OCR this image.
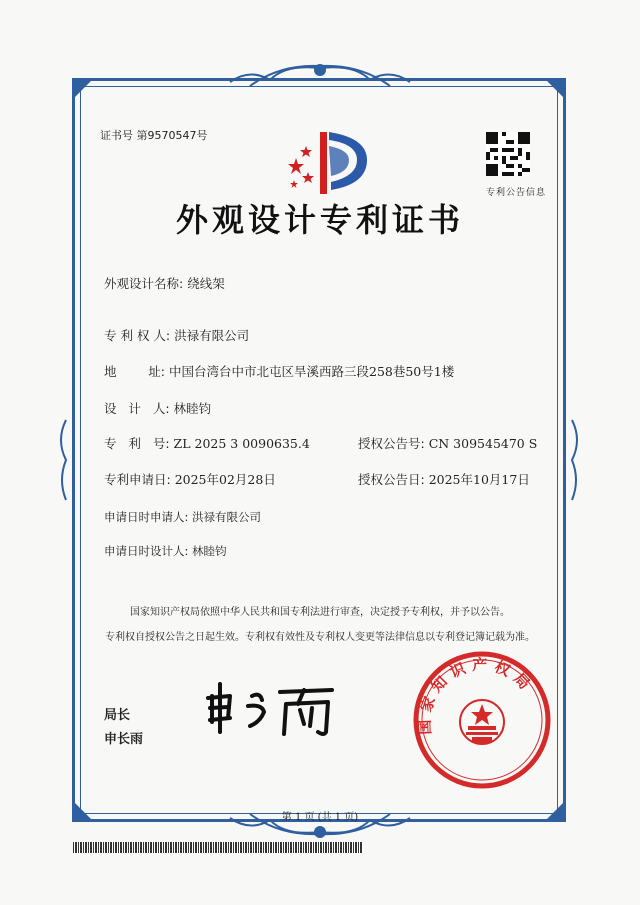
证书号 第9570547号
专利公告信息
外观设计专利证书
外观设计名称: 绕线架
专 利 权 人: 洪禄有限公司
地        址: 中国台湾台中市北屯区旱溪西路三段258巷50号1楼
设   计   人: 林睦钧
专   利   号: ZL 2025 3 0090635.4	授权公告号: CN 309545470 S
专利申请日: 2025年02月28日	授权公告日: 2025年10月17日
申请日时申请人: 洪禄有限公司
申请日时设计人: 林睦钧
国家知识产权局依照中华人民共和国专利法进行审查，决定授予专利权，并予以公告。
专利权自授权公告之日起生效。专利权有效性及专利权人变更等法律信息以专利登记簿记载为准。
局长
申长雨
国家知识产权局
第 1 页 (共 1 页)
